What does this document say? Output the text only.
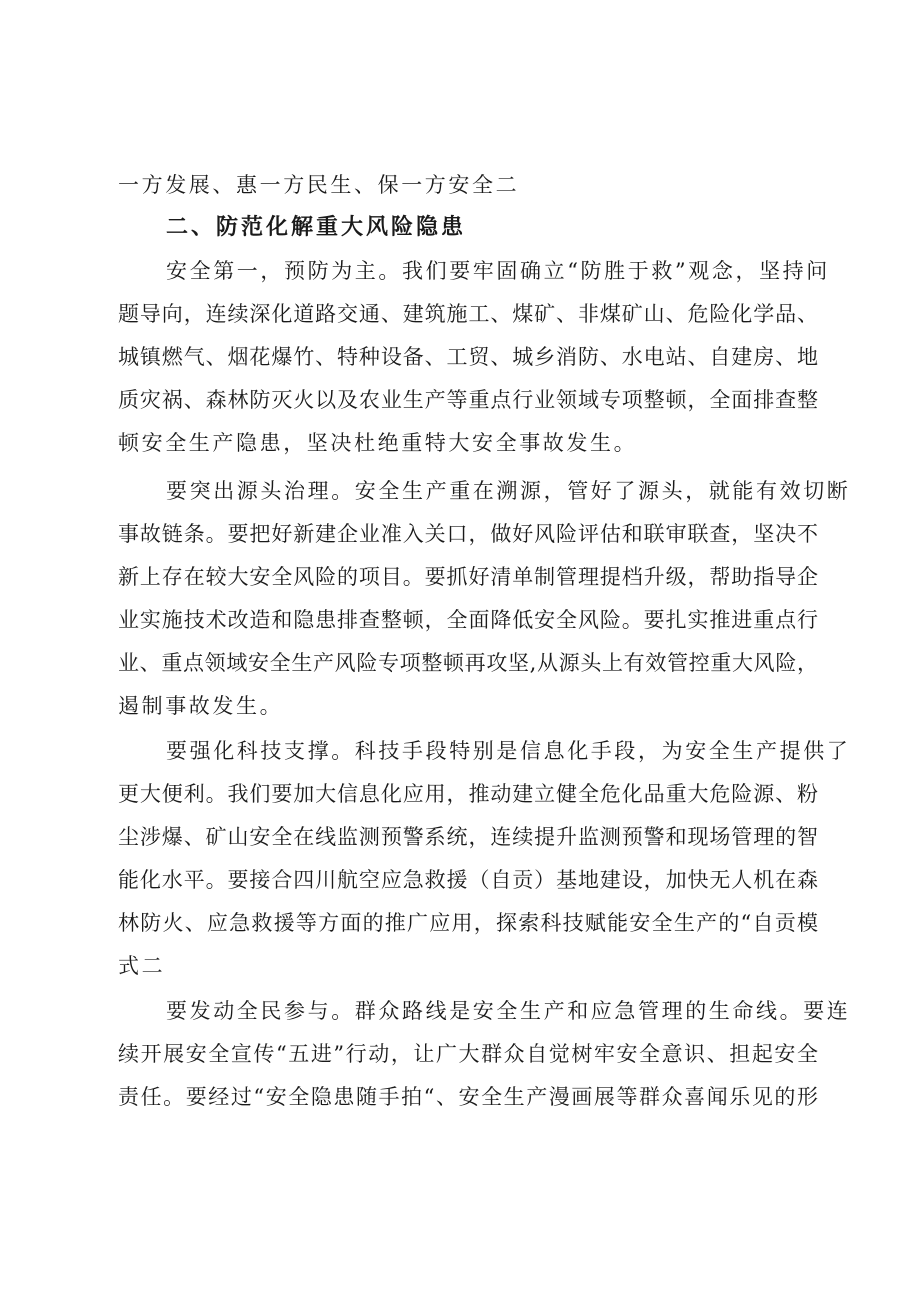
一方发展、惠一方民生、保一方安全二
二、防范化解重大风险隐患
安全第一，预防为主。我们要牢固确立“防胜于救”观念，坚持问
题导向，连续深化道路交通、建筑施工、煤矿、非煤矿山、危险化学品、
城镇燃气、烟花爆竹、特种设备、工贸、城乡消防、水电站、自建房、地
质灾祸、森林防灭火以及农业生产等重点行业领域专项整顿，全面排查整
顿安全生产隐患，坚决杜绝重特大安全事故发生。
要突出源头治理。安全生产重在溯源，管好了源头，就能有效切断
事故链条。要把好新建企业准入关口，做好风险评估和联审联查，坚决不
新上存在较大安全风险的项目。要抓好清单制管理提档升级，帮助指导企
业实施技术改造和隐患排查整顿，全面降低安全风险。要扎实推进重点行
业、重点领域安全生产风险专项整顿再攻坚,从源头上有效管控重大风险，
遏制事故发生。
要强化科技支撑。科技手段特别是信息化手段，为安全生产提供了
更大便利。我们要加大信息化应用，推动建立健全危化品重大危险源、粉
尘涉爆、矿山安全在线监测预警系统，连续提升监测预警和现场管理的智
能化水平。要接合四川航空应急救援（自贡）基地建设，加快无人机在森
林防火、应急救援等方面的推广应用，探索科技赋能安全生产的“自贡模
式二
要发动全民参与。群众路线是安全生产和应急管理的生命线。要连
续开展安全宣传“五进”行动，让广大群众自觉树牢安全意识、担起安全
责任。要经过“安全隐患随手拍“、安全生产漫画展等群众喜闻乐见的形
